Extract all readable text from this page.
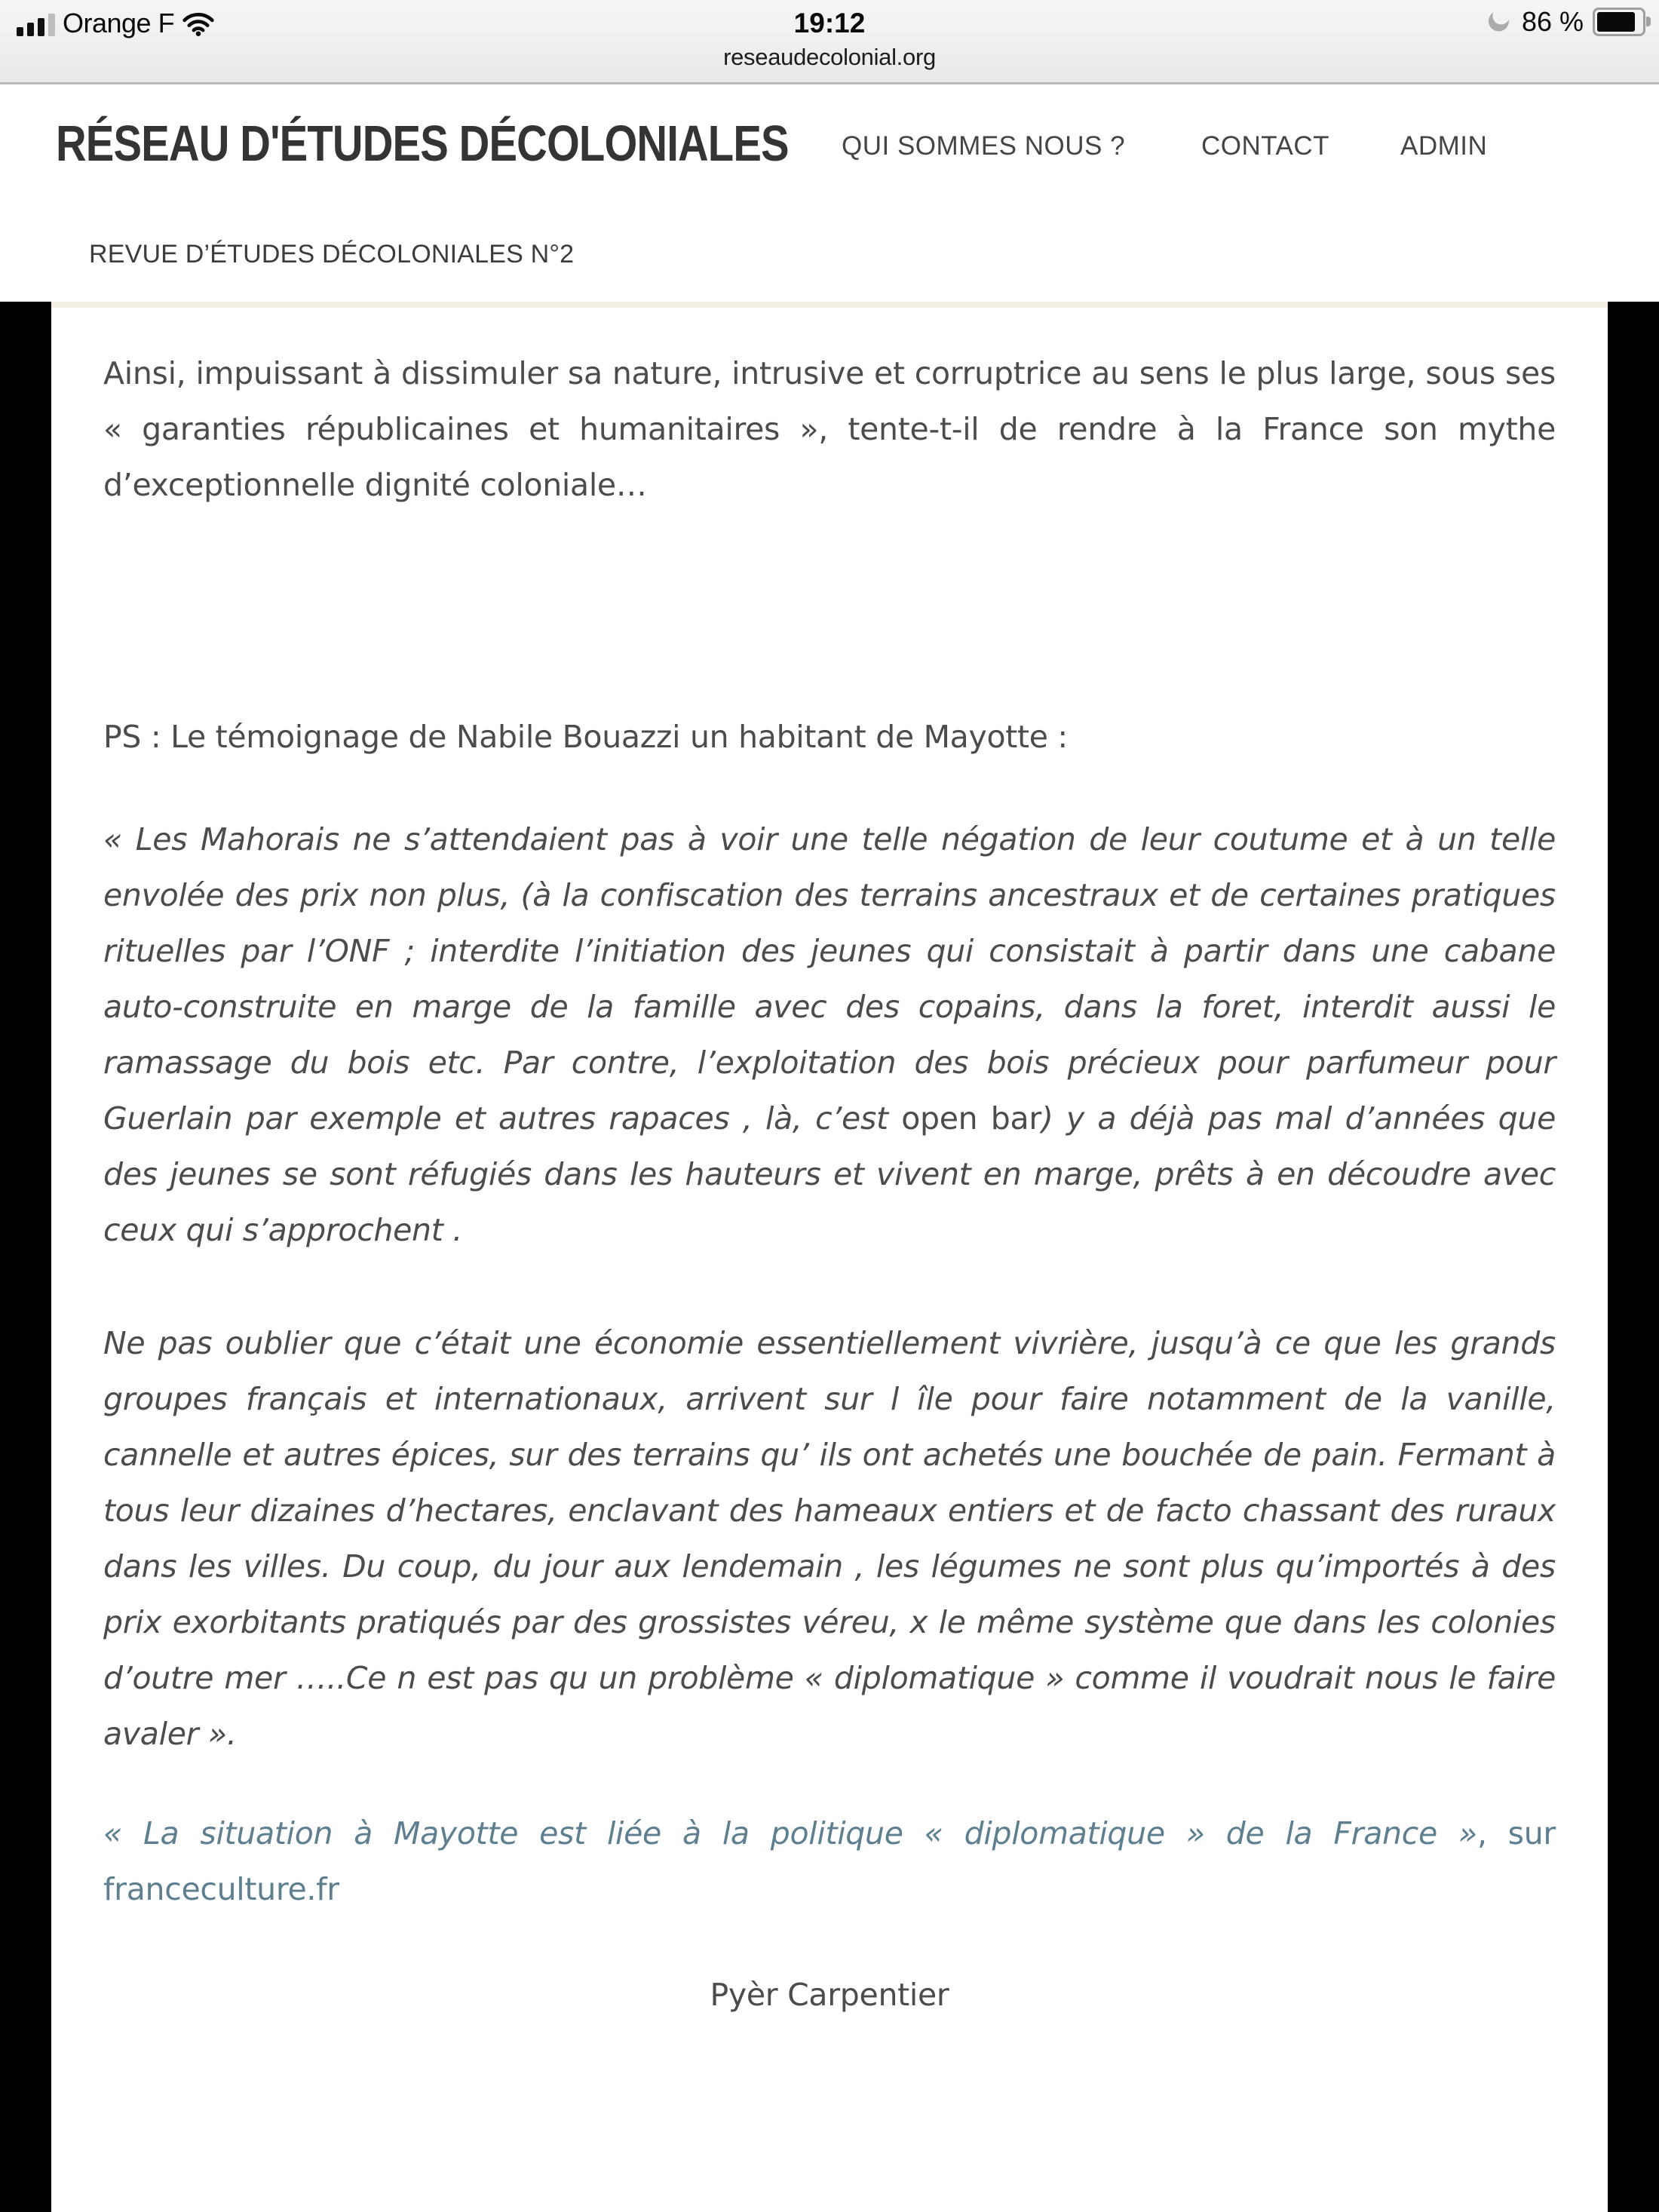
Orange F	19:12	86 %
reseaudecolonial.org
RÉSEAU D'ÉTUDES DÉCOLONIALES QUI SOMMES NOUS ?	CONTACT	ADMIN
REVUE D’ÉTUDES DÉCOLONIALES N°2

Ainsi, impuissant à dissimuler sa nature, intrusive et corruptrice au sens le plus large, sous ses « garanties républicaines et humanitaires », tente-t-il de rendre à la France son mythe d’exceptionnelle dignité coloniale…

PS : Le témoignage de Nabile Bouazzi un habitant de Mayotte :

« Les Mahorais ne s’attendaient pas à voir une telle négation de leur coutume et à un telle envolée des prix non plus, (à la confiscation des terrains ancestraux et de certaines pratiques rituelles par l’ONF ; interdite l’initiation des jeunes qui consistait à partir dans une cabane auto-construite en marge de la famille avec des copains, dans la foret, interdit aussi le ramassage du bois etc. Par contre, l’exploitation des bois précieux pour parfumeur pour Guerlain par exemple et autres rapaces , là, c’est open bar) y a déjà pas mal d’années que des jeunes se sont réfugiés dans les hauteurs et vivent en marge, prêts à en découdre avec ceux qui s’approchent .

Ne pas oublier que c’était une économie essentiellement vivrière, jusqu’à ce que les grands groupes français et internationaux, arrivent sur l île pour faire notamment de la vanille, cannelle et autres épices, sur des terrains qu’ ils ont achetés une bouchée de pain. Fermant à tous leur dizaines d’hectares, enclavant des hameaux entiers et de facto chassant des ruraux dans les villes. Du coup, du jour aux lendemain , les légumes ne sont plus qu’importés à des prix exorbitants pratiqués par des grossistes véreu, x le même système que dans les colonies d’outre mer …..Ce n est pas qu un problème « diplomatique » comme il voudrait nous le faire avaler ».

« La situation à Mayotte est liée à la politique « diplomatique » de la France », sur franceculture.fr

Pyèr Carpentier
